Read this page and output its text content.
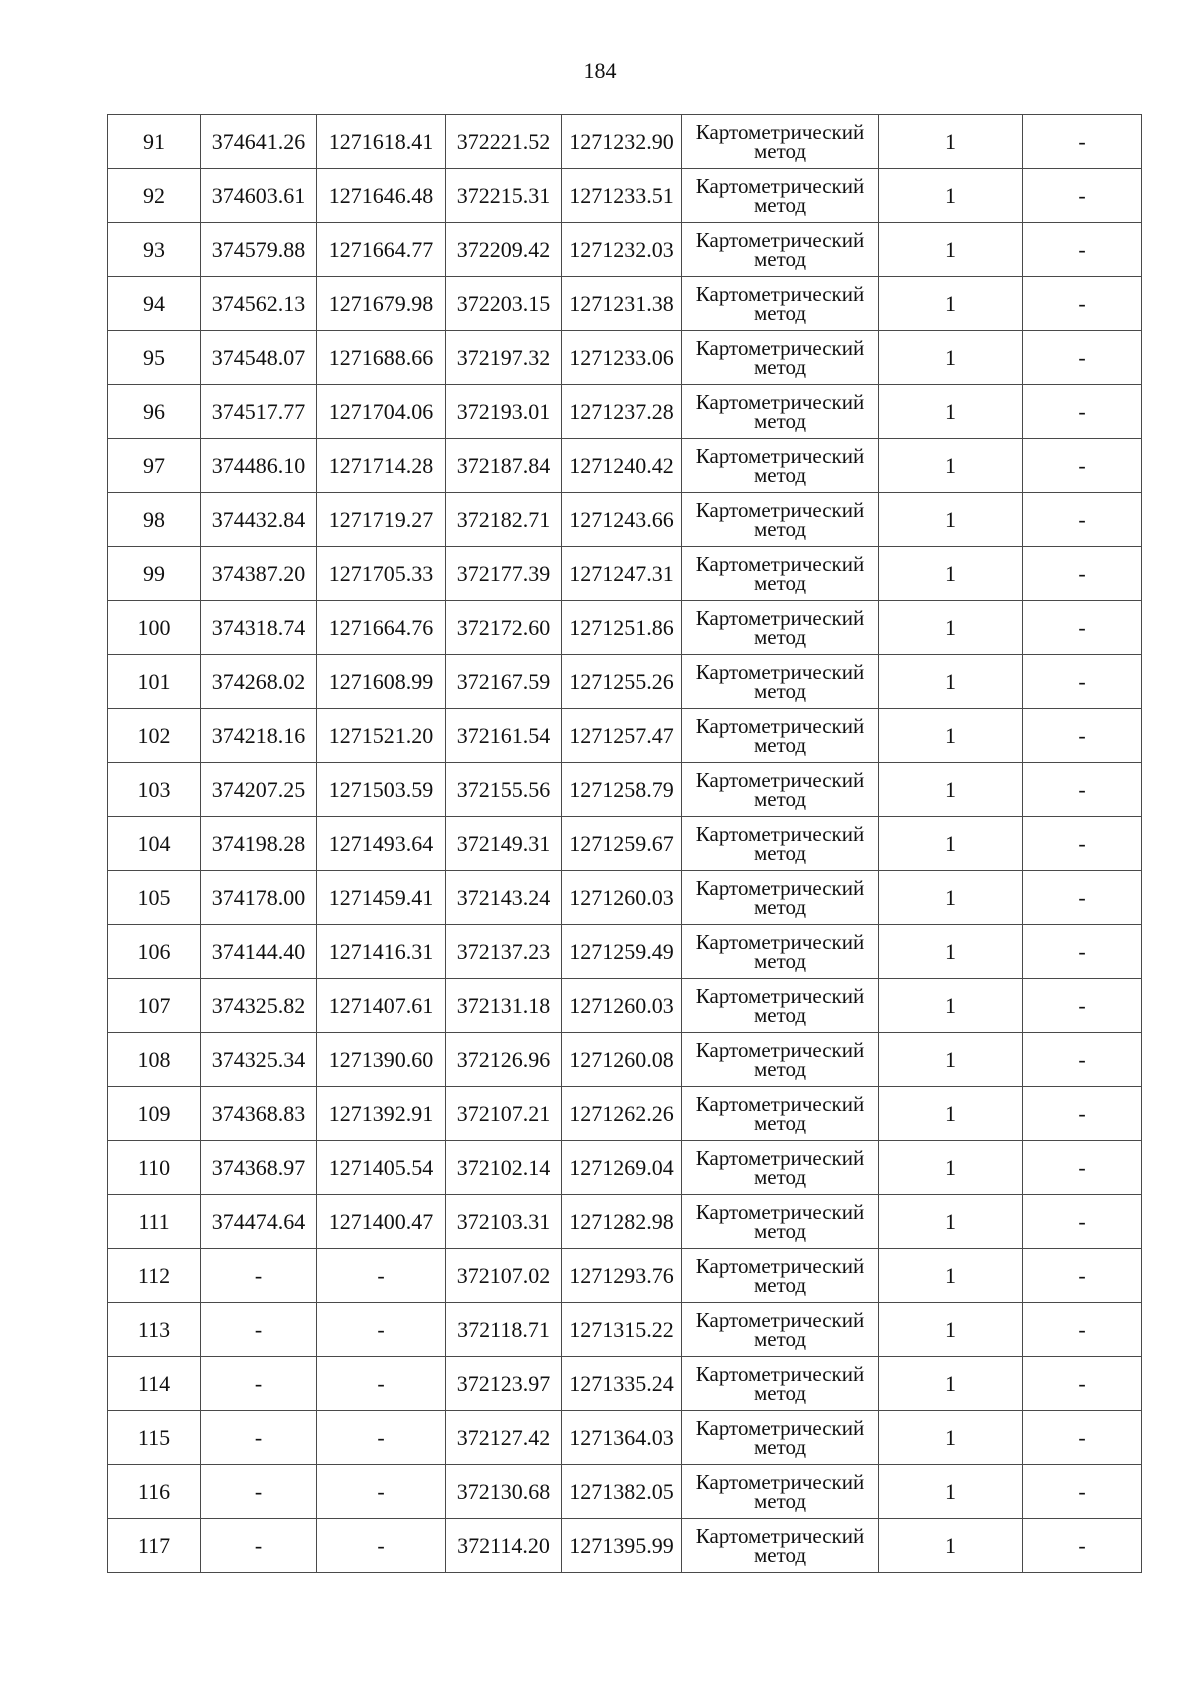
184
91	374641.26	1271618.41	372221.52	1271232.90	Картометрический
метод	1	-
92	374603.61	1271646.48	372215.31	1271233.51	Картометрический
метод	1	-
93	374579.88	1271664.77	372209.42	1271232.03	Картометрический
метод	1	-
94	374562.13	1271679.98	372203.15	1271231.38	Картометрический
метод	1	-
95	374548.07	1271688.66	372197.32	1271233.06	Картометрический
метод	1	-
96	374517.77	1271704.06	372193.01	1271237.28	Картометрический
метод	1	-
97	374486.10	1271714.28	372187.84	1271240.42	Картометрический
метод	1	-
98	374432.84	1271719.27	372182.71	1271243.66	Картометрический
метод	1	-
99	374387.20	1271705.33	372177.39	1271247.31	Картометрический
метод	1	-
100	374318.74	1271664.76	372172.60	1271251.86	Картометрический
метод	1	-
101	374268.02	1271608.99	372167.59	1271255.26	Картометрический
метод	1	-
102	374218.16	1271521.20	372161.54	1271257.47	Картометрический
метод	1	-
103	374207.25	1271503.59	372155.56	1271258.79	Картометрический
метод	1	-
104	374198.28	1271493.64	372149.31	1271259.67	Картометрический
метод	1	-
105	374178.00	1271459.41	372143.24	1271260.03	Картометрический
метод	1	-
106	374144.40	1271416.31	372137.23	1271259.49	Картометрический
метод	1	-
107	374325.82	1271407.61	372131.18	1271260.03	Картометрический
метод	1	-
108	374325.34	1271390.60	372126.96	1271260.08	Картометрический
метод	1	-
109	374368.83	1271392.91	372107.21	1271262.26	Картометрический
метод	1	-
110	374368.97	1271405.54	372102.14	1271269.04	Картометрический
метод	1	-
111	374474.64	1271400.47	372103.31	1271282.98	Картометрический
метод	1	-
112	-	-	372107.02	1271293.76	Картометрический
метод	1	-
113	-	-	372118.71	1271315.22	Картометрический
метод	1	-
114	-	-	372123.97	1271335.24	Картометрический
метод	1	-
115	-	-	372127.42	1271364.03	Картометрический
метод	1	-
116	-	-	372130.68	1271382.05	Картометрический
метод	1	-
117	-	-	372114.20	1271395.99	Картометрический
метод	1	-
